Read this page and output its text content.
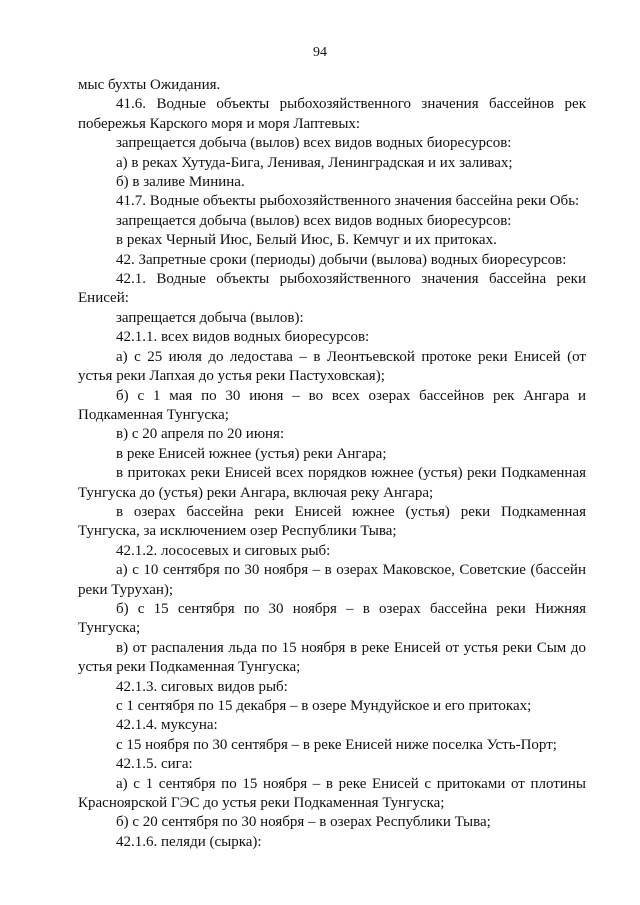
94

мыс бухты Ожидания.

41.6. Водные объекты рыбохозяйственного значения бассейнов рек побережья Карского моря и моря Лаптевых:

запрещается добыча (вылов) всех видов водных биоресурсов:

а) в реках Хутуда-Бига, Ленивая, Ленинградская и их заливах;

б) в заливе Минина.

41.7. Водные объекты рыбохозяйственного значения бассейна реки Обь:

запрещается добыча (вылов) всех видов водных биоресурсов:

в реках Черный Июс, Белый Июс, Б. Кемчуг и их притоках.

42. Запретные сроки (периоды) добычи (вылова) водных биоресурсов:

42.1. Водные объекты рыбохозяйственного значения бассейна реки Енисей:

запрещается добыча (вылов):

42.1.1. всех видов водных биоресурсов:

а) с 25 июля до ледостава – в Леонтьевской протоке реки Енисей (от устья реки Лапхая до устья реки Пастуховская);

б) с 1 мая по 30 июня – во всех озерах бассейнов рек Ангара и Подкаменная Тунгуска;

в) с 20 апреля по 20 июня:

в реке Енисей южнее (устья) реки Ангара;

в притоках реки Енисей всех порядков южнее (устья) реки Подкаменная Тунгуска до (устья) реки Ангара, включая реку Ангара;

в озерах бассейна реки Енисей южнее (устья) реки Подкаменная Тунгуска, за исключением озер Республики Тыва;

42.1.2. лососевых и сиговых рыб:

а) с 10 сентября по 30 ноября – в озерах Маковское, Советские (бассейн реки Турухан);

б) с 15 сентября по 30 ноября – в озерах бассейна реки Нижняя Тунгуска;

в) от распаления льда по 15 ноября в реке Енисей от устья реки Сым до устья реки Подкаменная Тунгуска;

42.1.3. сиговых видов рыб:

с 1 сентября по 15 декабря – в озере Мундуйское и его притоках;

42.1.4. муксуна:

с 15 ноября по 30 сентября – в реке Енисей ниже поселка Усть-Порт;

42.1.5. сига:

а) с 1 сентября по 15 ноября – в реке Енисей с притоками от плотины Красноярской ГЭС до устья реки Подкаменная Тунгуска;

б) с 20 сентября по 30 ноября – в озерах Республики Тыва;

42.1.6. пеляди (сырка):
